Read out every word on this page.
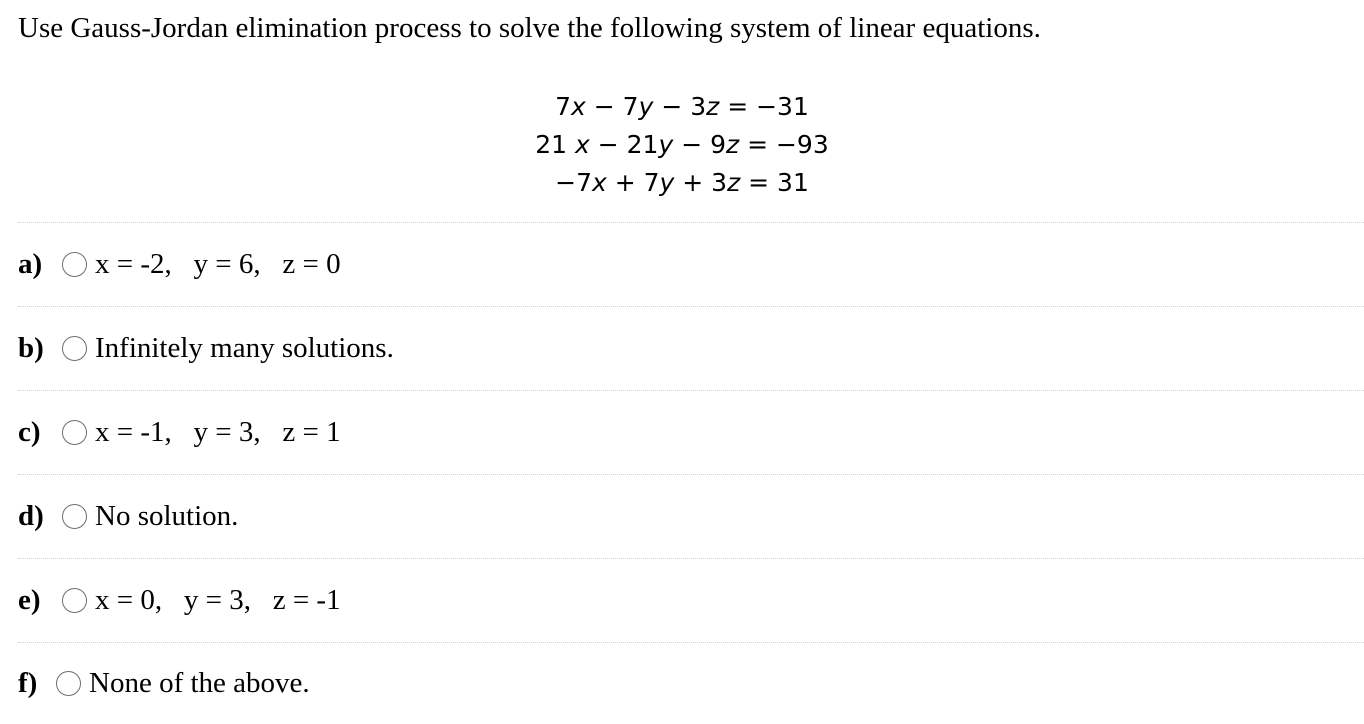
Use Gauss-Jordan elimination process to solve the following system of linear equations.
7x − 7y − 3z = −31
21 x − 21y − 9z = −93
−7x + 7y + 3z = 31
a)	x = -2,   y = 6,   z = 0
b)	Infinitely many solutions.
c)	x = -1,   y = 3,   z = 1
d)	No solution.
e)	x = 0,   y = 3,   z = -1
f)	None of the above.
